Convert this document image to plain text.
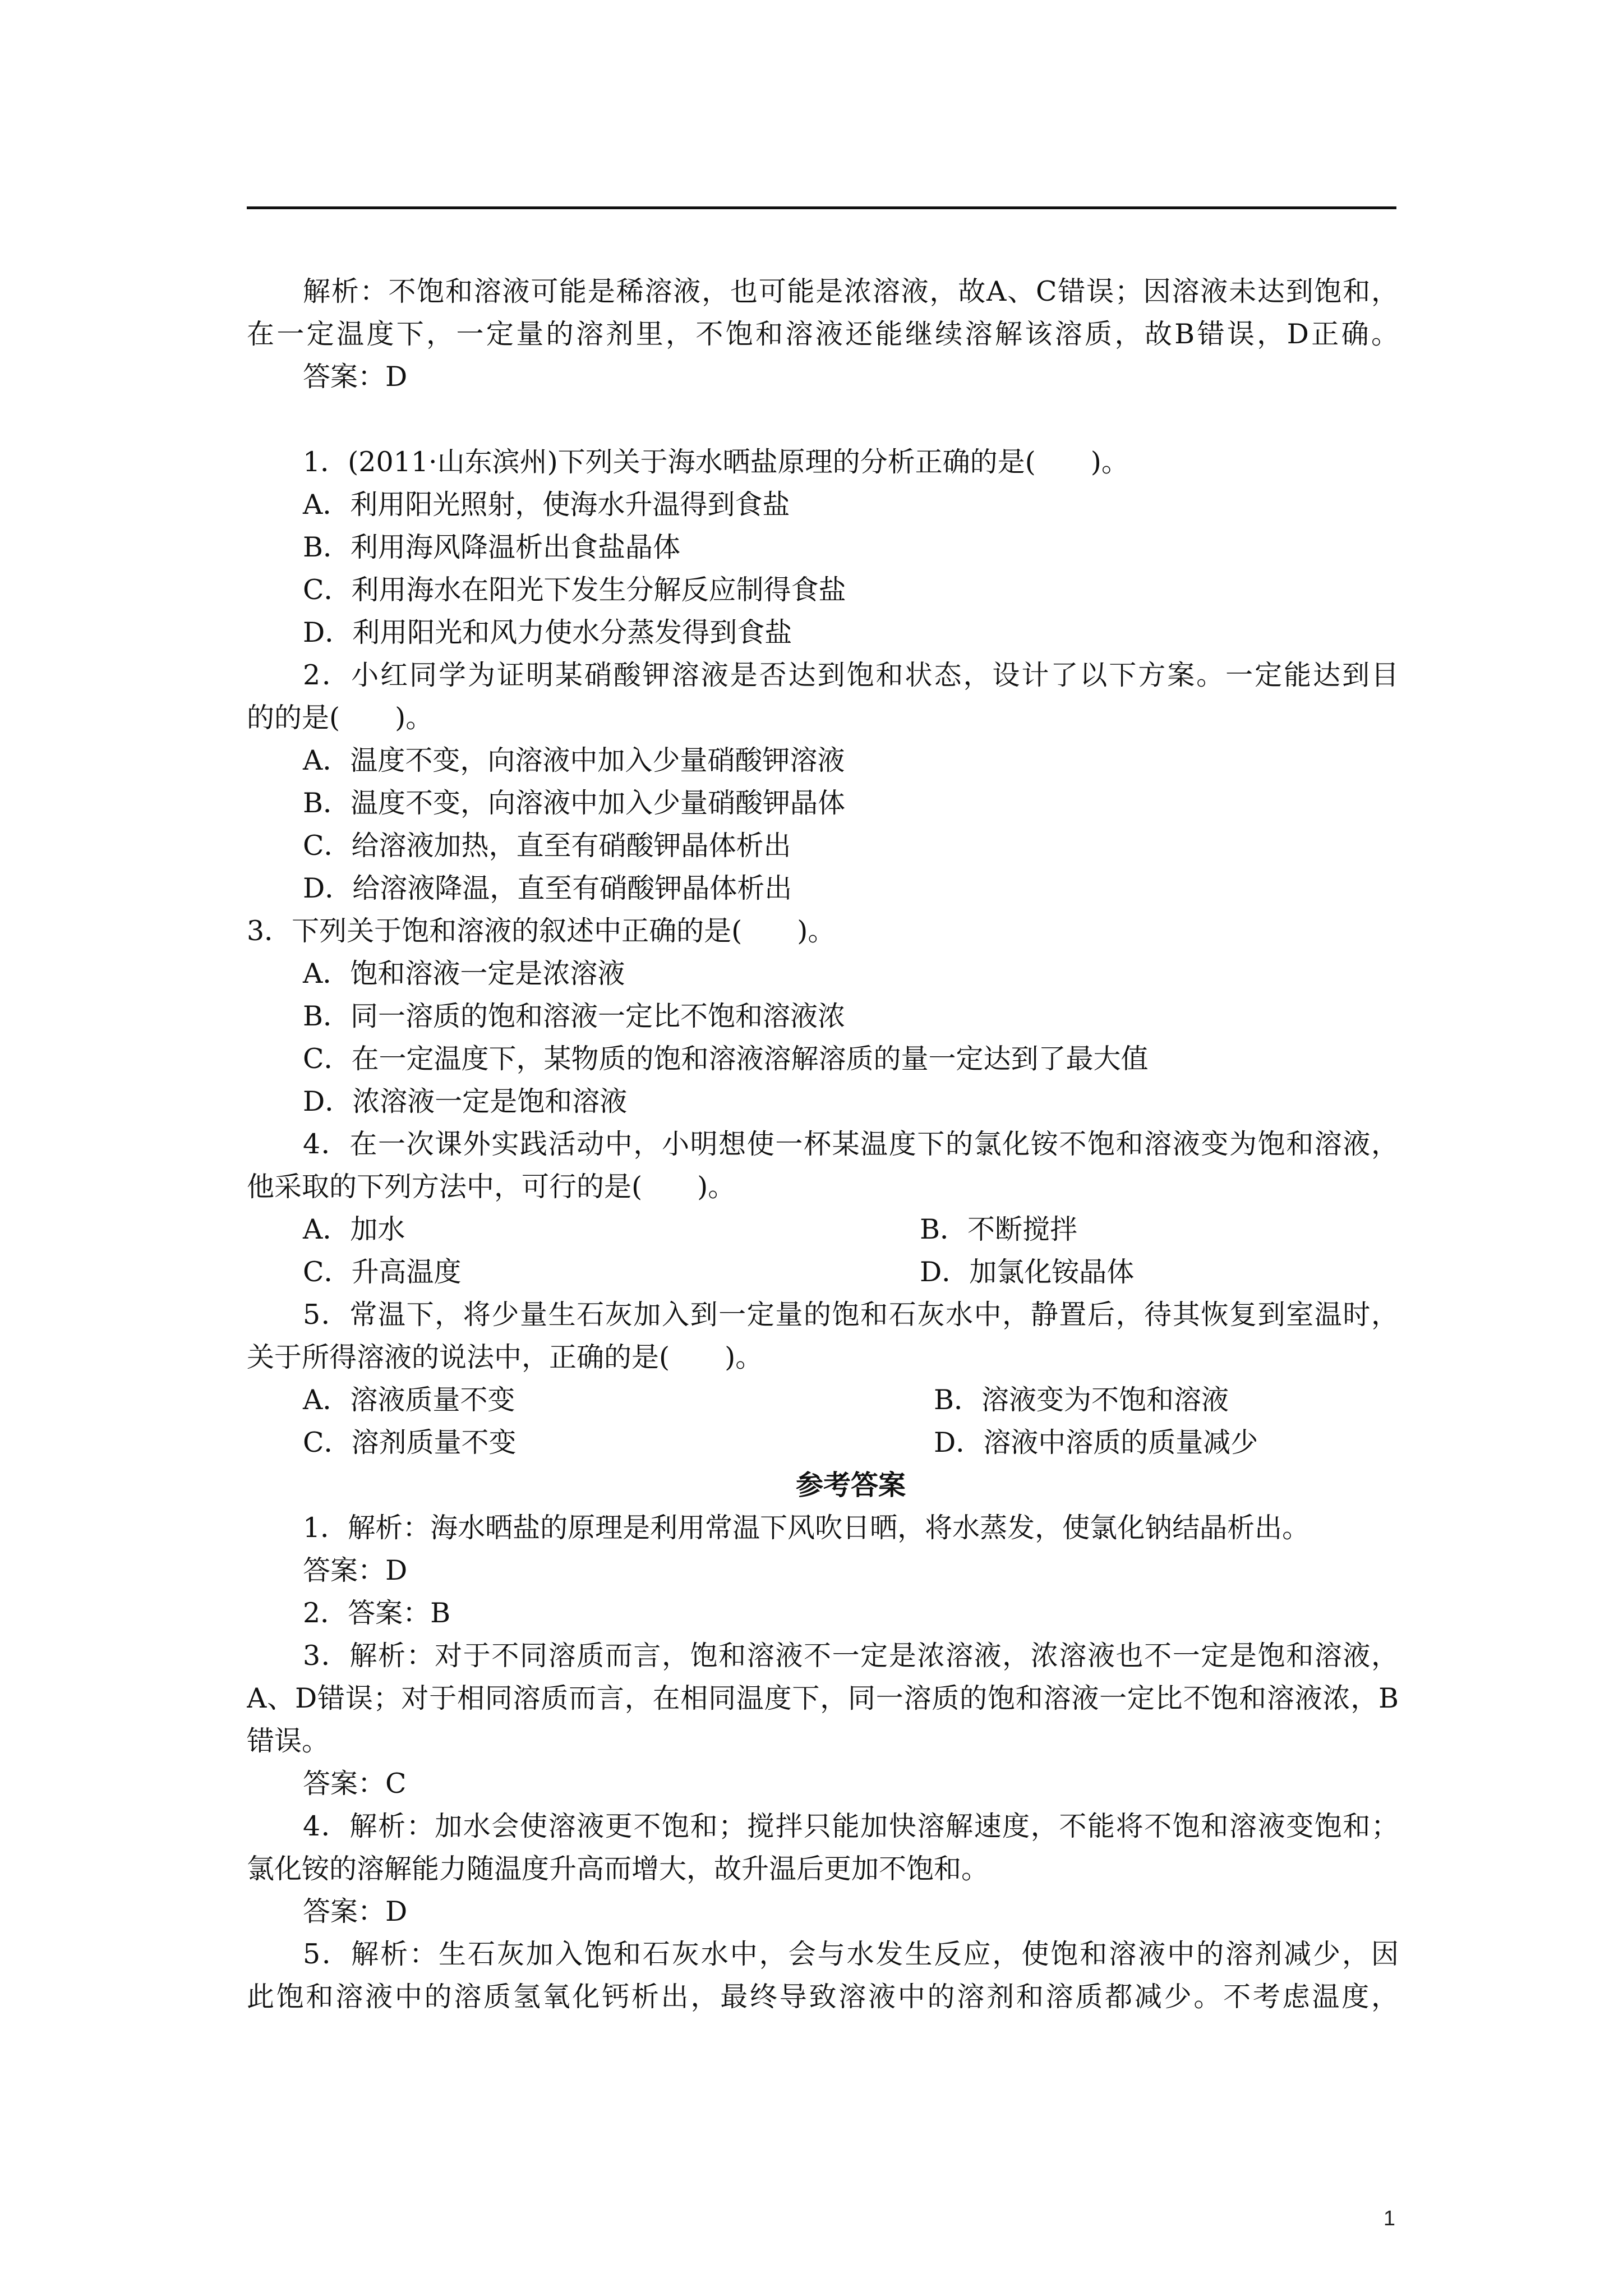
解析：不饱和溶液可能是稀溶液，也可能是浓溶液，故A、C错误；因溶液未达到饱和，

在一定温度下，一定量的溶剂里，不饱和溶液还能继续溶解该溶质，故B错误，D正确。

答案：D

1．(2011·山东滨州)下列关于海水晒盐原理的分析正确的是(　　)。

A．利用阳光照射，使海水升温得到食盐

B．利用海风降温析出食盐晶体

C．利用海水在阳光下发生分解反应制得食盐

D．利用阳光和风力使水分蒸发得到食盐

2．小红同学为证明某硝酸钾溶液是否达到饱和状态，设计了以下方案。一定能达到目

的的是(　　)。

A．温度不变，向溶液中加入少量硝酸钾溶液

B．温度不变，向溶液中加入少量硝酸钾晶体

C．给溶液加热，直至有硝酸钾晶体析出

D．给溶液降温，直至有硝酸钾晶体析出

3．下列关于饱和溶液的叙述中正确的是(　　)。

A．饱和溶液一定是浓溶液

B．同一溶质的饱和溶液一定比不饱和溶液浓

C．在一定温度下，某物质的饱和溶液溶解溶质的量一定达到了最大值

D．浓溶液一定是饱和溶液

4．在一次课外实践活动中，小明想使一杯某温度下的氯化铵不饱和溶液变为饱和溶液，

他采取的下列方法中，可行的是(　　)。

A．加水	B．不断搅拌
C．升高温度	D．加氯化铵晶体

5．常温下，将少量生石灰加入到一定量的饱和石灰水中，静置后，待其恢复到室温时，

关于所得溶液的说法中，正确的是(　　)。

A．溶液质量不变	B．溶液变为不饱和溶液
C．溶剂质量不变	D．溶液中溶质的质量减少

参考答案

1．解析：海水晒盐的原理是利用常温下风吹日晒，将水蒸发，使氯化钠结晶析出。

答案：D

2．答案：B

3．解析：对于不同溶质而言，饱和溶液不一定是浓溶液，浓溶液也不一定是饱和溶液，

A、D错误；对于相同溶质而言，在相同温度下，同一溶质的饱和溶液一定比不饱和溶液浓，B

错误。

答案：C

4．解析：加水会使溶液更不饱和；搅拌只能加快溶解速度，不能将不饱和溶液变饱和；

氯化铵的溶解能力随温度升高而增大，故升温后更加不饱和。

答案：D

5．解析：生石灰加入饱和石灰水中，会与水发生反应，使饱和溶液中的溶剂减少，因

此饱和溶液中的溶质氢氧化钙析出，最终导致溶液中的溶剂和溶质都减少。不考虑温度，

1
